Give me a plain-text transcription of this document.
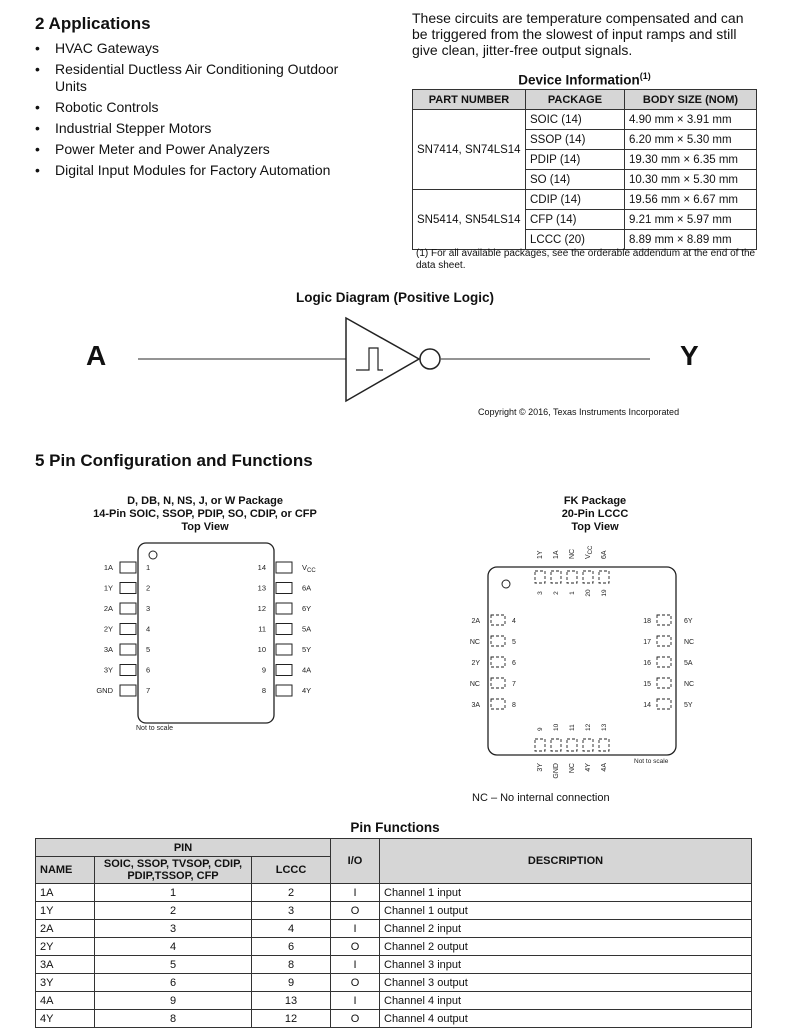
2 Applications
• HVAC Gateways
• Residential Ductless Air Conditioning Outdoor Units
• Robotic Controls
• Industrial Stepper Motors
• Power Meter and Power Analyzers
• Digital Input Modules for Factory Automation
These circuits are temperature compensated and can be triggered from the slowest of input ramps and still give clean, jitter-free output signals.
Device Information$^{(1)}$
PART NUMBER	PACKAGE	BODY SIZE (NOM)
SN7414, SN74LS14	SOIC (14)	4.90 mm × 3.91 mm
	SSOP (14)	6.20 mm × 5.30 mm
	PDIP (14)	19.30 mm × 6.35 mm
	SO (14)	10.30 mm × 5.30 mm
SN5414, SN54LS14	CDIP (14)	19.56 mm × 6.67 mm
	CFP (14)	9.21 mm × 5.97 mm
	LCCC (20)	8.89 mm × 8.89 mm
(1) For all available packages, see the orderable addendum at the end of the data sheet.
Logic Diagram (Positive Logic)
A	Y
Copyright © 2016, Texas Instruments Incorporated
5 Pin Configuration and Functions
D, DB, N, NS, J, or W Package
14-Pin SOIC, SSOP, PDIP, SO, CDIP, or CFP
Top View
1A	1
1Y	2
2A	3
2Y	4
3A	5
3Y	6
GND	7
14	$V_{CC}$
13	6A
12	6Y
11	5A
10	5Y
9	4A
8	4Y
Not to scale
FK Package
20-Pin LCCC
Top View
3
1Y
2
1A
1
NC
20
VCC
19
6A
2A	4
NC	5
2Y	6
NC	7
3A	8
18	6Y
17	NC
16	5A
15	NC
14	5Y
9
3Y
10
GND
11
NC
12
4Y
13
4A
Not to scale
NC – No internal connection
Pin Functions
PIN			I/O	DESCRIPTION
NAME	SOIC, SSOP, TVSOP, CDIP, PDIP,TSSOP, CFP	LCCC		
1A	1	2	I	Channel 1 input
1Y	2	3	O	Channel 1 output
2A	3	4	I	Channel 2 input
2Y	4	6	O	Channel 2 output
3A	5	8	I	Channel 3 input
3Y	6	9	O	Channel 3 output
4A	9	13	I	Channel 4 input
4Y	8	12	O	Channel 4 output
